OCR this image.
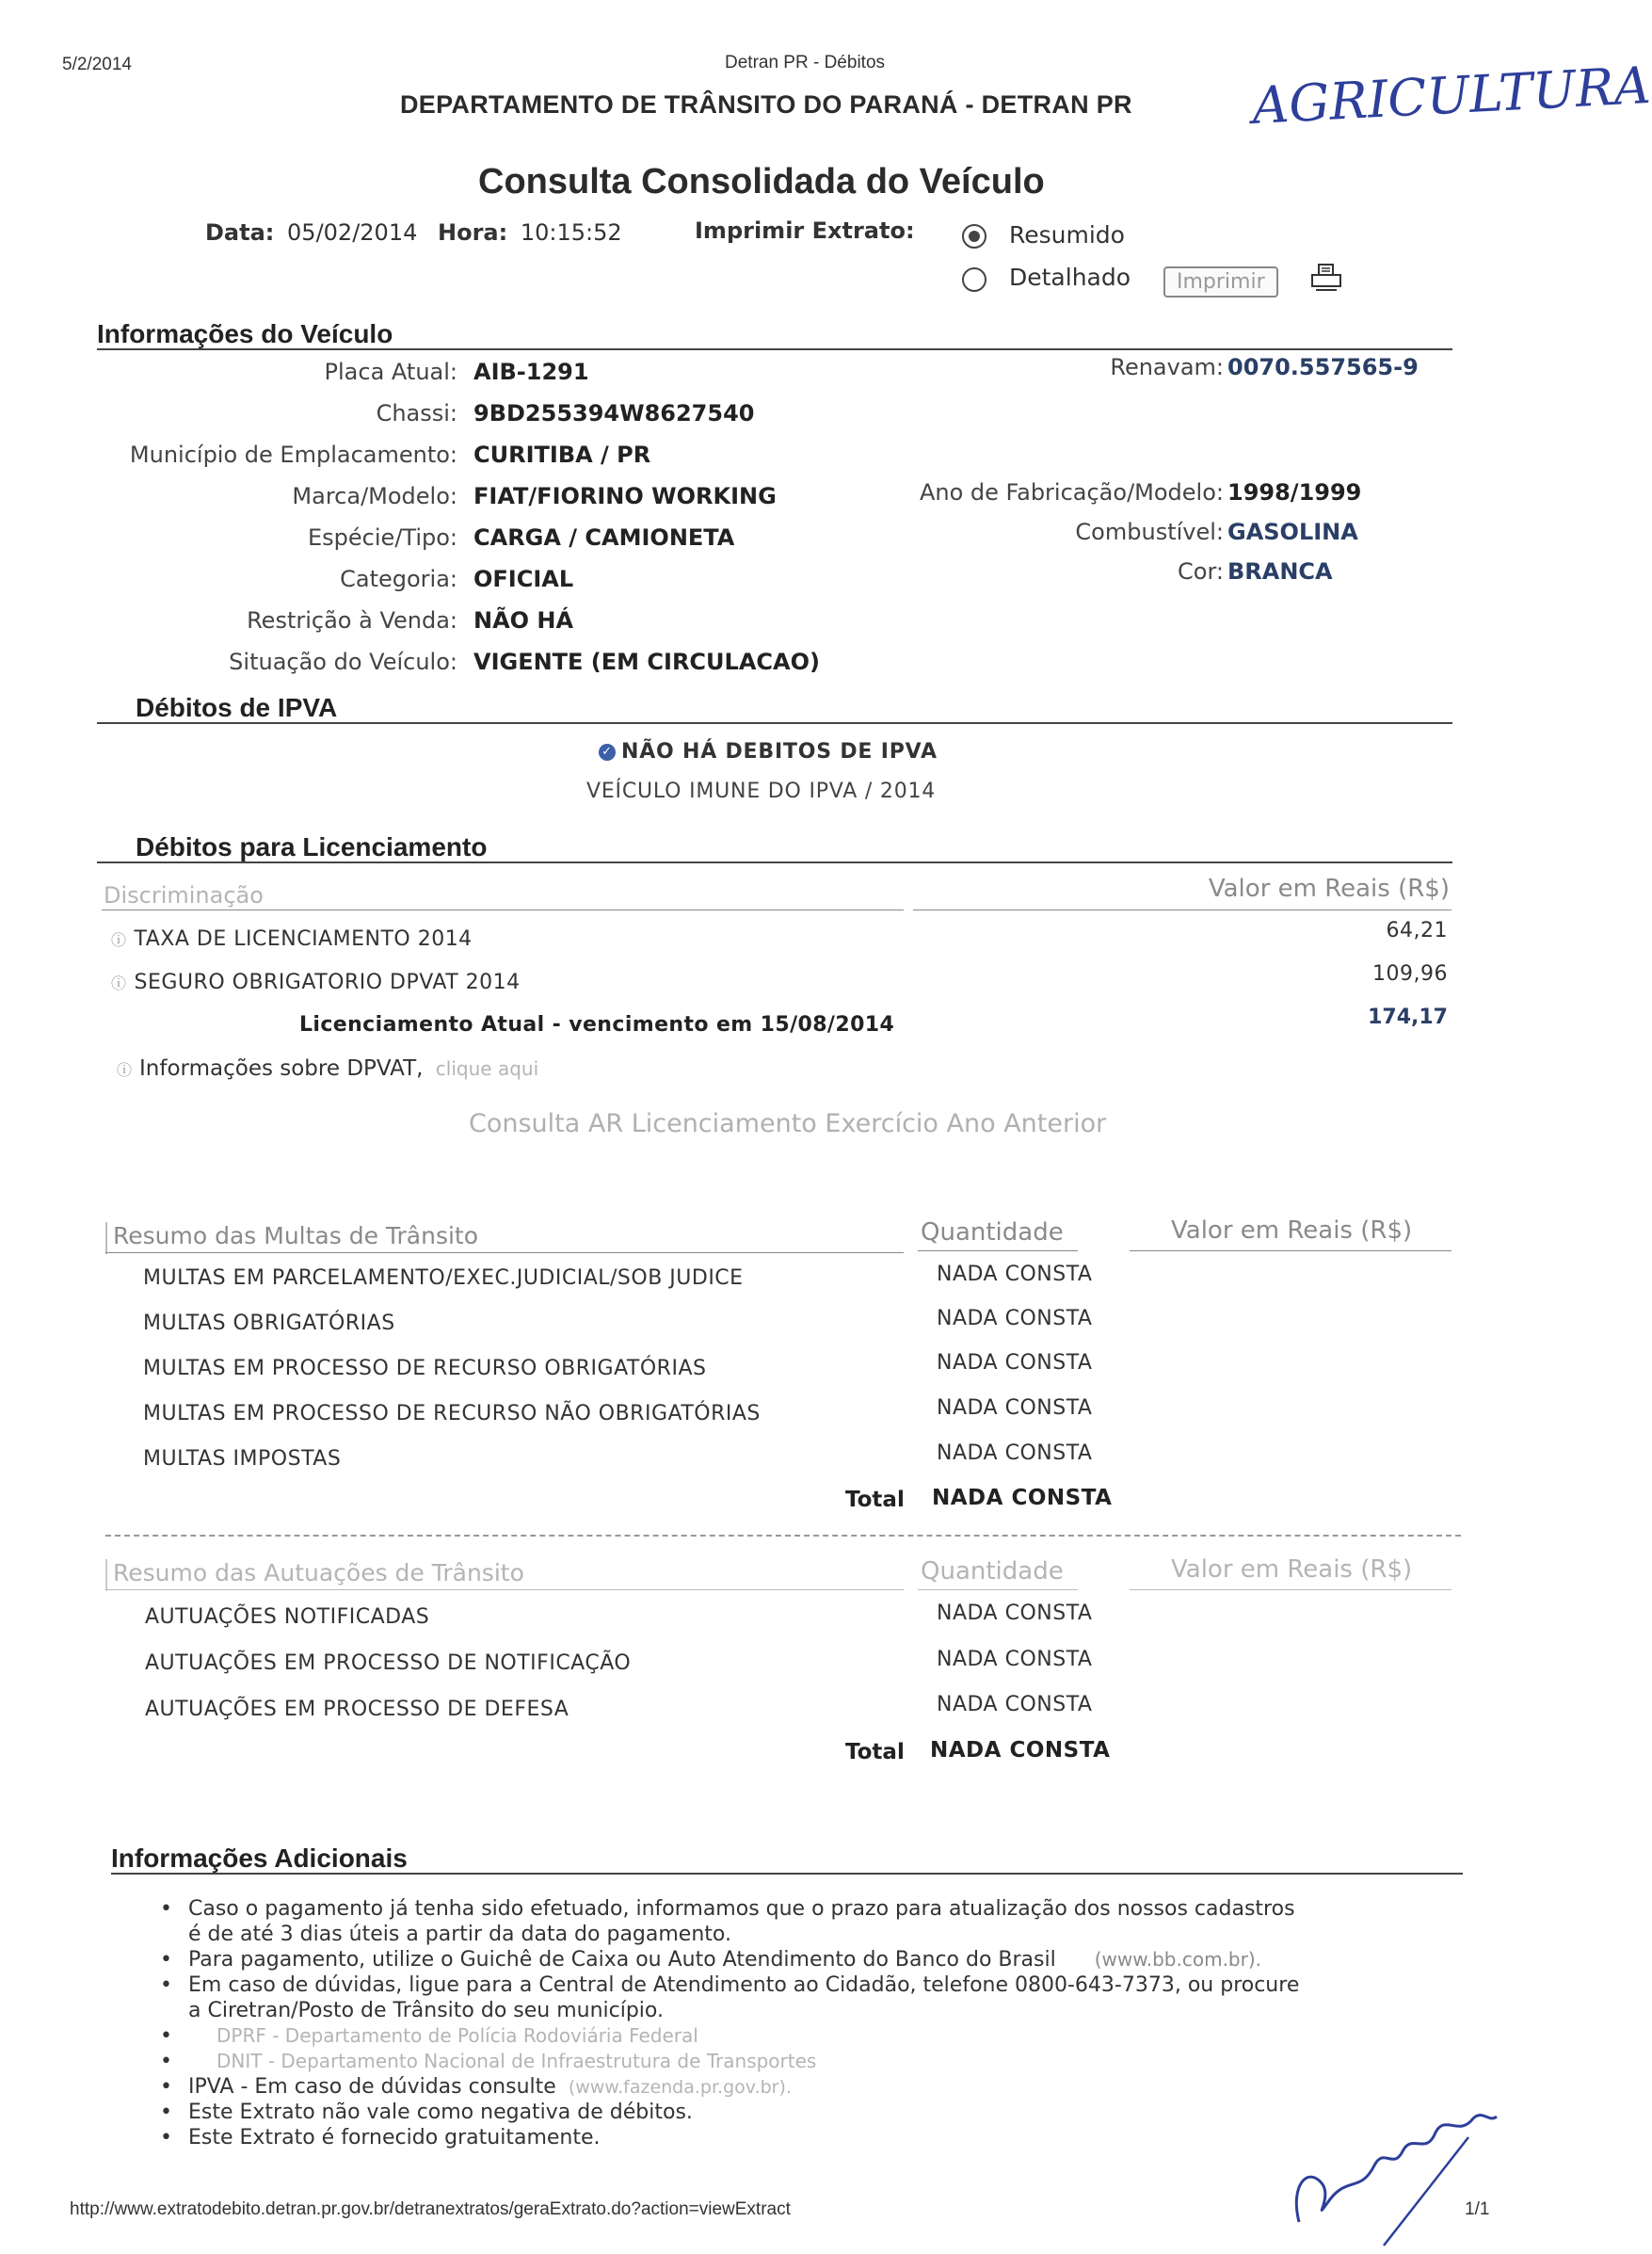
5/2/2014	Detran PR - Débitos
DEPARTAMENTO DE TRÂNSITO DO PARANÁ - DETRAN PR AGRICULTURA
Consulta Consolidada do Veículo
Data: 05/02/2014 Hora: 10:15:52	Imprimir Extrato:	Resumido
Detalhado	Imprimir
Informações do Veículo
Placa Atual: AIB-1291	Renavam: 0070.557565-9
Chassi: 9BD255394W8627540
Município de Emplacamento: CURITIBA / PR
Marca/Modelo: FIAT/FIORINO WORKING	Ano de Fabricação/Modelo: 1998/1999
Espécie/Tipo: CARGA / CAMIONETA	Combustível: GASOLINA
Categoria: OFICIAL	Cor: BRANCA
Restrição à Venda: NÃO HÁ
Situação do Veículo: VIGENTE (EM CIRCULACAO)
Débitos de IPVA
✓ NÃO HÁ DEBITOS DE IPVA
VEÍCULO IMUNE DO IPVA / 2014
Débitos para Licenciamento
Discriminação	Valor em Reais (R$)
ⓘ TAXA DE LICENCIAMENTO 2014	64,21
ⓘ SEGURO OBRIGATORIO DPVAT 2014	109,96
Licenciamento Atual - vencimento em 15/08/2014	174,17
ⓘ Informações sobre DPVAT, clique aqui
Consulta AR Licenciamento Exercício Ano Anterior
Resumo das Multas de Trânsito	Quantidade	Valor em Reais (R$)
MULTAS EM PARCELAMENTO/EXEC.JUDICIAL/SOB JUDICE	NADA CONSTA
MULTAS OBRIGATÓRIAS	NADA CONSTA
MULTAS EM PROCESSO DE RECURSO OBRIGATÓRIAS	NADA CONSTA
MULTAS EM PROCESSO DE RECURSO NÃO OBRIGATÓRIAS	NADA CONSTA
MULTAS IMPOSTAS	NADA CONSTA
Total NADA CONSTA
Resumo das Autuações de Trânsito	Quantidade	Valor em Reais (R$)
AUTUAÇÕES NOTIFICADAS	NADA CONSTA
AUTUAÇÕES EM PROCESSO DE NOTIFICAÇÃO	NADA CONSTA
AUTUAÇÕES EM PROCESSO DE DEFESA	NADA CONSTA
Total NADA CONSTA
Informações Adicionais
• Caso o pagamento já tenha sido efetuado, informamos que o prazo para atualização dos nossos cadastros
é de até 3 dias úteis a partir da data do pagamento.
• Para pagamento, utilize o Guichê de Caixa ou Auto Atendimento do Banco do Brasil (www.bb.com.br).
• Em caso de dúvidas, ligue para a Central de Atendimento ao Cidadão, telefone 0800-643-7373, ou procure
a Ciretran/Posto de Trânsito do seu município.
• DPRF - Departamento de Polícia Rodoviária Federal
• DNIT - Departamento Nacional de Infraestrutura de Transportes
• IPVA - Em caso de dúvidas consulte (www.fazenda.pr.gov.br).
• Este Extrato não vale como negativa de débitos.
• Este Extrato é fornecido gratuitamente.
http://www.extratodebito.detran.pr.gov.br/detranextratos/geraExtrato.do?action=viewExtract	1/1
